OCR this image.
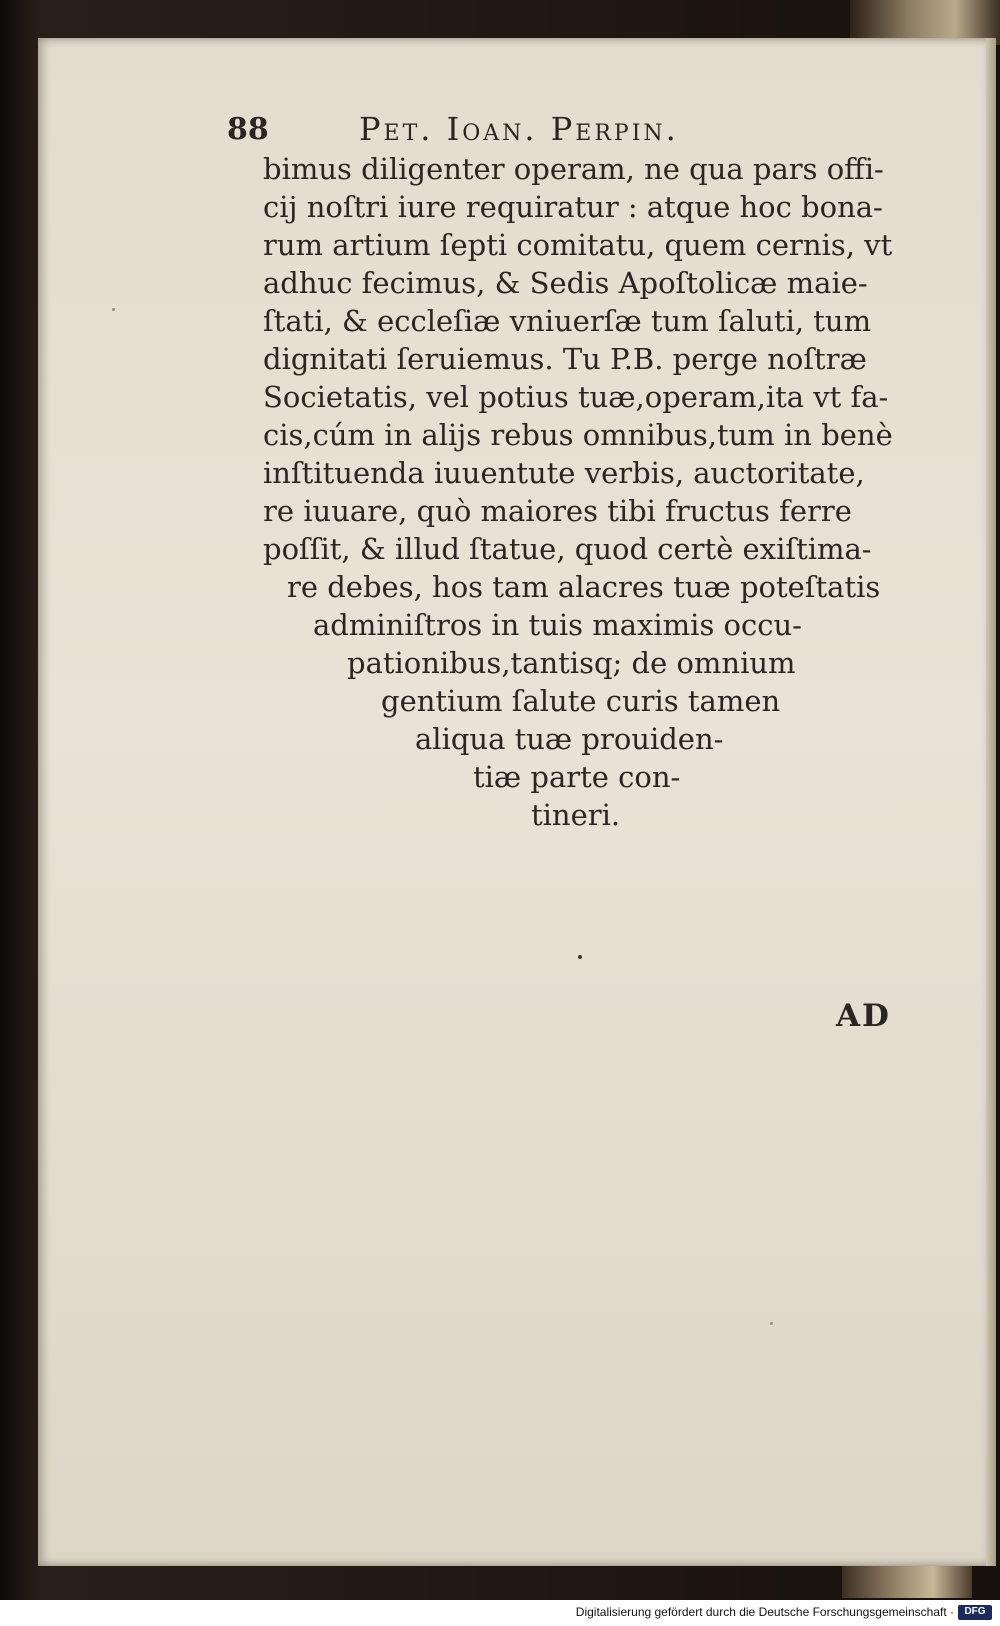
88	Pet. Ioan. Perpin.
bimus diligenter operam, ne qua pars offi-
cij noſtri iure requiratur : atque hoc bona-
rum artium ſepti comitatu, quem cernis, vt
adhuc fecimus, & Sedis Apoſtolicæ maie-
ſtati, & eccleſiæ vniuerſæ tum ſaluti, tum
dignitati ſeruiemus. Tu P.B. perge noſtræ
Societatis, vel potius tuæ,operam,ita vt fa-
cis,cúm in alijs rebus omnibus,tum in benè
inſtituenda iuuentute verbis, auctoritate,
re iuuare, quò maiores tibi fructus ferre
poſſit, & illud ſtatue, quod certè exiſtima-
re debes, hos tam alacres tuæ poteſtatis
adminiſtros in tuis maximis occu-
pationibus,tantisq; de omnium
gentium ſalute curis tamen
aliqua tuæ prouiden-
tiæ parte con-
tineri.
AD
Digitalisierung gefördert durch die Deutsche Forschungsgemeinschaft ·	DFG
